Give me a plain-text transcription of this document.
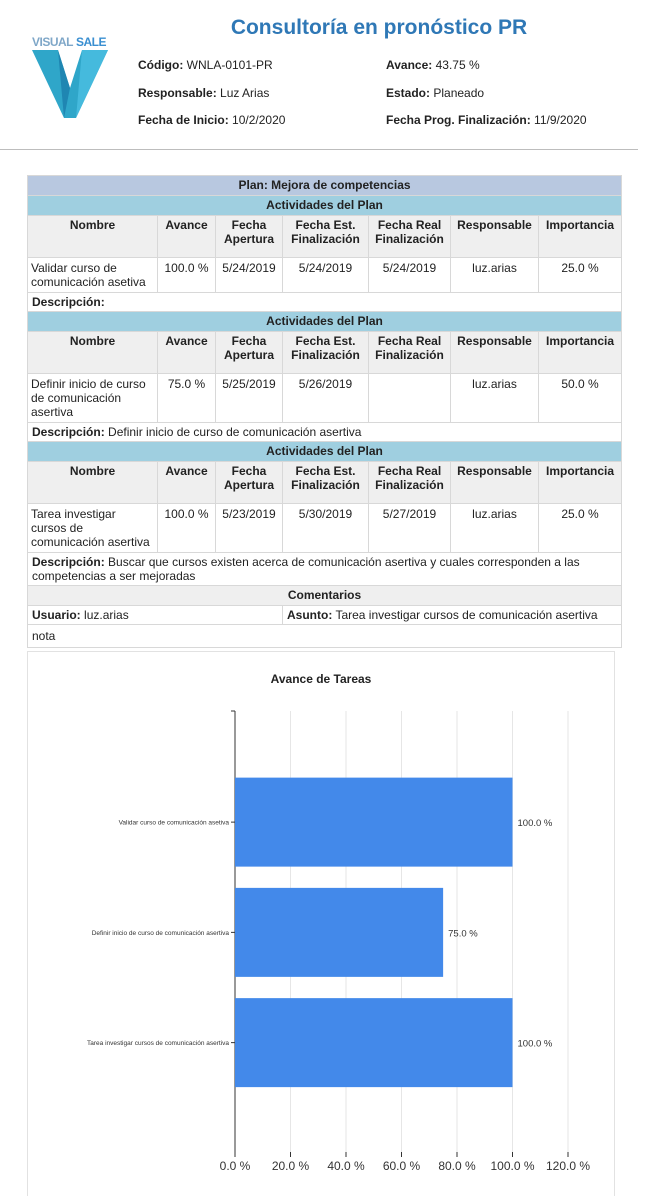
VISUAL SALE
Consultoría en pronóstico PR
Código: WNLA-0101-PR	Avance: 43.75 %
Responsable: Luz Arias	Estado: Planeado
Fecha de Inicio: 10/2/2020	Fecha Prog. Finalización: 11/9/2020
Plan: Mejora de competencias						
Actividades del Plan						
Nombre	Avance	Fecha Apertura	Fecha Est. Finalización	Fecha Real Finalización	Responsable	Importancia
Validar curso de comunicación asetiva	100.0 %	5/24/2019	5/24/2019	5/24/2019	luz.arias	25.0 %
Descripción:						
Actividades del Plan						
Nombre	Avance	Fecha Apertura	Fecha Est. Finalización	Fecha Real Finalización	Responsable	Importancia
Definir inicio de curso de comunicación asertiva	75.0 %	5/25/2019	5/26/2019		luz.arias	50.0 %
Descripción: Definir inicio de curso de comunicación asertiva						
Actividades del Plan						
Nombre	Avance	Fecha Apertura	Fecha Est. Finalización	Fecha Real Finalización	Responsable	Importancia
Tarea investigar cursos de comunicación asertiva	100.0 %	5/23/2019	5/30/2019	5/27/2019	luz.arias	25.0 %
Descripción: Buscar que cursos existen acerca de comunicación asertiva y cuales corresponden a las competencias a ser mejoradas						
Comentarios						
Usuario: luz.arias			Asunto: Tarea investigar cursos de comunicación asertiva			
nota						
Avance de Tareas
0.0 % 20.0 % 40.0 % 60.0 % 80.0 % 100.0 % 120.0 %
Validar curso de comunicación asetiva	100.0 %
Definir inicio de curso de comunicación asertiva	75.0 %
Tarea investigar cursos de comunicación asertiva	100.0 %
